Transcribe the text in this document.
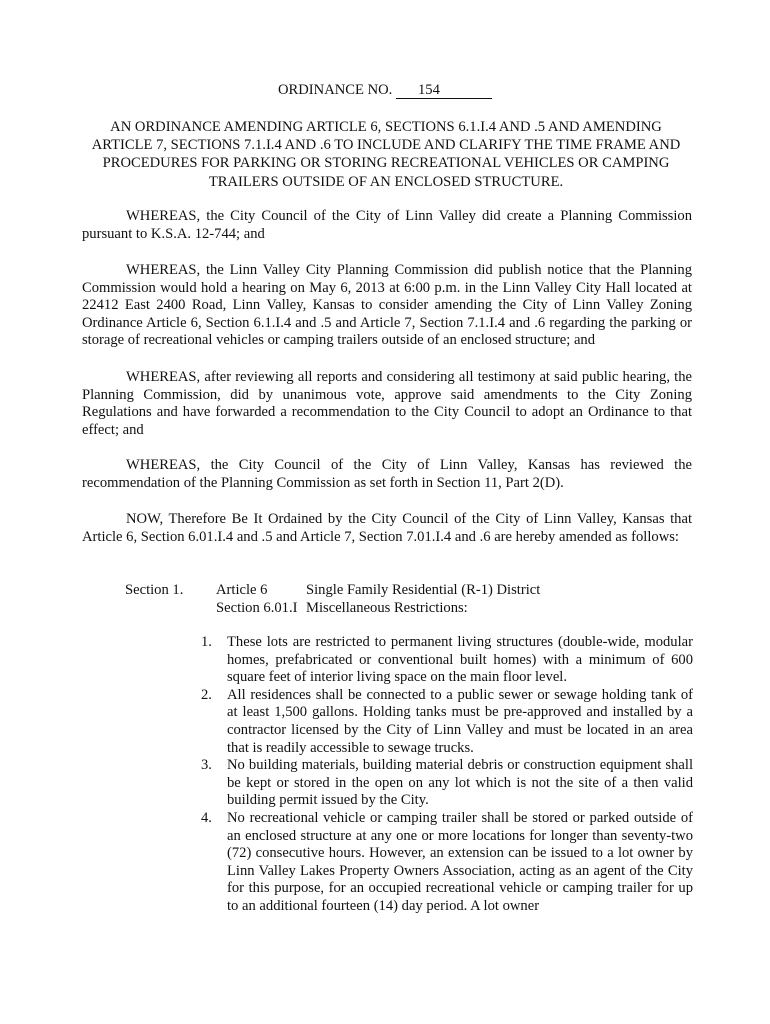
ORDINANCE NO. 154
AN ORDINANCE AMENDING ARTICLE 6, SECTIONS 6.1.I.4 AND .5 AND AMENDING ARTICLE 7, SECTIONS 7.1.I.4 AND .6 TO INCLUDE AND CLARIFY THE TIME FRAME AND PROCEDURES FOR PARKING OR STORING RECREATIONAL VEHICLES OR CAMPING TRAILERS OUTSIDE OF AN ENCLOSED STRUCTURE.
WHEREAS, the City Council of the City of Linn Valley did create a Planning Commission pursuant to K.S.A. 12-744; and
WHEREAS, the Linn Valley City Planning Commission did publish notice that the Planning Commission would hold a hearing on May 6, 2013 at 6:00 p.m. in the Linn Valley City Hall located at 22412 East 2400 Road, Linn Valley, Kansas to consider amending the City of Linn Valley Zoning Ordinance Article 6, Section 6.1.I.4 and .5 and Article 7, Section 7.1.I.4 and .6 regarding the parking or storage of recreational vehicles or camping trailers outside of an enclosed structure; and
WHEREAS, after reviewing all reports and considering all testimony at said public hearing, the Planning Commission, did by unanimous vote, approve said amendments to the City Zoning Regulations and have forwarded a recommendation to the City Council to adopt an Ordinance to that effect; and
WHEREAS, the City Council of the City of Linn Valley, Kansas has reviewed the recommendation of the Planning Commission as set forth in Section 11, Part 2(D).
NOW, Therefore Be It Ordained by the City Council of the City of Linn Valley, Kansas that Article 6, Section 6.01.I.4 and .5 and Article 7, Section 7.01.I.4 and .6 are hereby amended as follows:
Section 1. Article 6	Single Family Residential (R-1) District
Section 6.01.I Miscellaneous Restrictions:
1. These lots are restricted to permanent living structures (double-wide, modular homes, prefabricated or conventional built homes) with a minimum of 600 square feet of interior living space on the main floor level.
2. All residences shall be connected to a public sewer or sewage holding tank of at least 1,500 gallons. Holding tanks must be pre-approved and installed by a contractor licensed by the City of Linn Valley and must be located in an area that is readily accessible to sewage trucks.
3. No building materials, building material debris or construction equipment shall be kept or stored in the open on any lot which is not the site of a then valid building permit issued by the City.
4. No recreational vehicle or camping trailer shall be stored or parked outside of an enclosed structure at any one or more locations for longer than seventy-two (72) consecutive hours. However, an extension can be issued to a lot owner by Linn Valley Lakes Property Owners Association, acting as an agent of the City for this purpose, for an occupied recreational vehicle or camping trailer for up to an additional fourteen (14) day period. A lot owner
